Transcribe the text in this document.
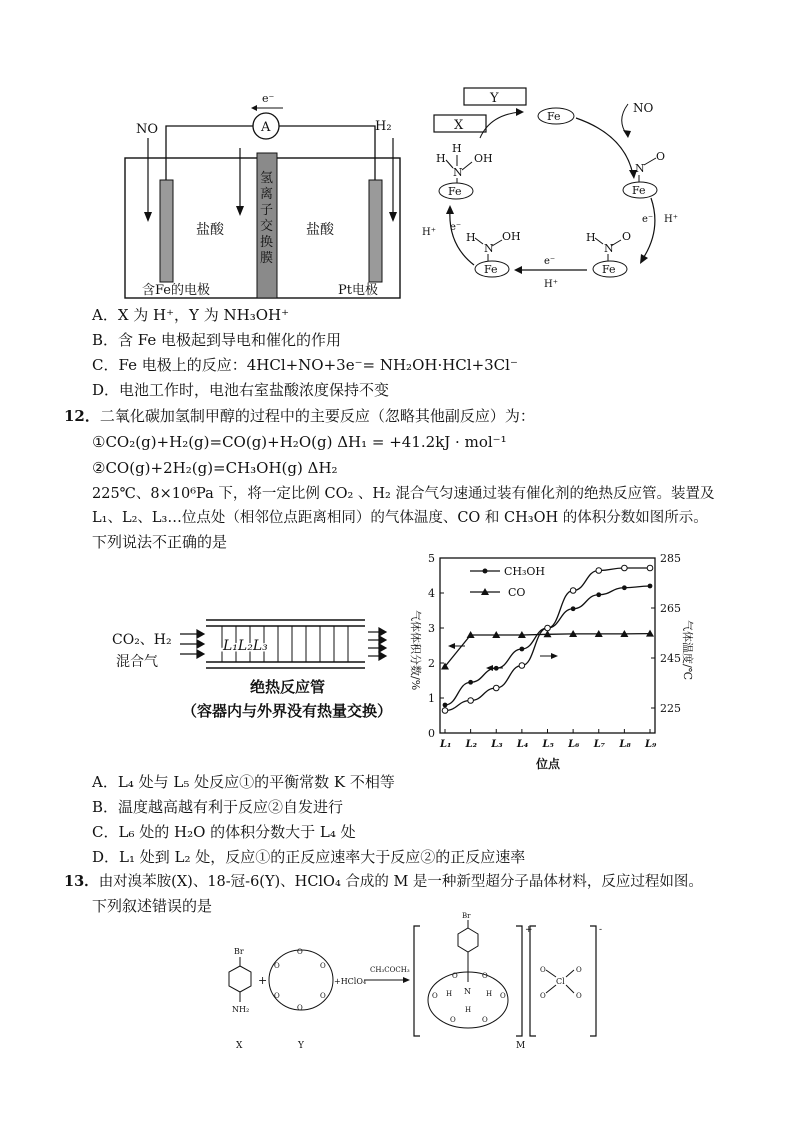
A
e⁻
NO	H₂
氢
离
子
交
换
膜
盐酸	盐酸
含Fe的电极	Pt电极
Y
X
Fe
NO
N
O
Fe
e⁻ H⁺
H
N
O
Fe
e⁻
H⁺
H
N
OH
Fe
H⁺ e⁻
H
H
N
OH
Fe
A．X 为 H⁺，Y 为 NH₃OH⁺
B．含 Fe 电极起到导电和催化的作用
C．Fe 电极上的反应：4HCl+NO+3e⁻= NH₂OH·HCl+3Cl⁻
D．电池工作时，电池右室盐酸浓度保持不变
12．二氧化碳加氢制甲醇的过程中的主要反应（忽略其他副反应）为：
①CO₂(g)+H₂(g)=CO(g)+H₂O(g) ΔH₁ = +41.2kJ · mol⁻¹
②CO(g)+2H₂(g)=CH₃OH(g) ΔH₂
225℃、8×10⁶Pa 下，将一定比例 CO₂ 、H₂ 混合气匀速通过装有催化剂的绝热反应管。装置及
L₁、L₂、L₃…位点处（相邻位点距离相同）的气体温度、CO 和 CH₃OH 的体积分数如图所示。
下列说法不正确的是
CO₂、H₂
混合气
L₁L₂L₃
绝热反应管
（容器内与外界没有热量交换）
0
1
2
3
4
5
225
245
265
285
L₁ L₂ L₃ L₄ L₅ L₆ L₇ L₈ L₉
CH₃OH
CO
气体体积分数/%	气体温度/℃
位点
A．L₄ 处与 L₅ 处反应①的平衡常数 K 不相等
B．温度越高越有利于反应②自发进行
C．L₆ 处的 H₂O 的体积分数大于 L₄ 处
D．L₁ 处到 L₂ 处，反应①的正反应速率大于反应②的正反应速率
13．由对溴苯胺(X)、18-冠-6(Y)、HClO₄ 合成的 M 是一种新型超分子晶体材料，反应过程如图。
下列叙述错误的是
Br
NH₂
X
+
O
O
O
O
O
O
Y
+HClO₄
CH₃COCH₃
+
Br
N
O	O
O	O
O	O
H	H
H
M
-
Cl
O	O
O	O
